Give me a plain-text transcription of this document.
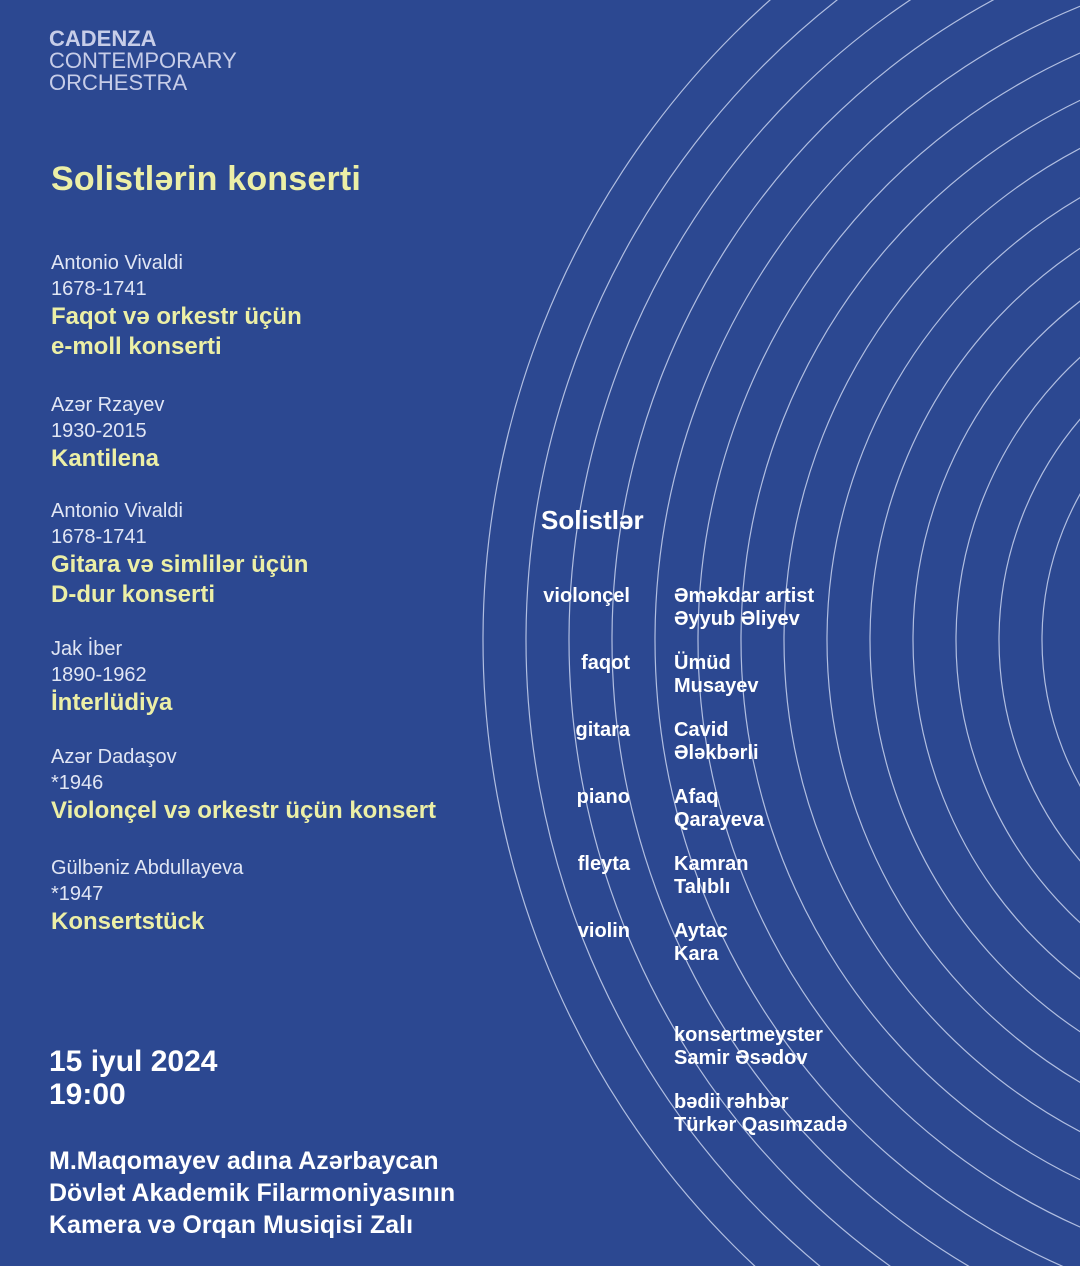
CADENZA
CONTEMPORARY
ORCHESTRA
Solistlərin konserti
Antonio Vivaldi
1678-1741
Faqot və orkestr üçün
e-moll konserti
Azər Rzayev
1930-2015
Kantilena
Antonio Vivaldi
1678-1741
Gitara və simlilər üçün
D-dur konserti
Jak İber
1890-1962
İnterlüdiya
Azər Dadaşov
*1946
Violonçel və orkestr üçün konsert
Gülbəniz Abdullayeva
*1947
Konsertstück
Solistlər
violonçel Əməkdar artist
Əyyub Əliyev
faqot Ümüd
Musayev
gitara Cavid
Ələkbərli
piano Afaq
Qarayeva
fleyta Kamran
Talıblı
violin Aytac
Kara
konsertmeyster
Samir Əsədov
bədii rəhbər
Türkər Qasımzadə
15 iyul 2024
19:00
M.Maqomayev adına Azərbaycan
Dövlət Akademik Filarmoniyasının
Kamera və Orqan Musiqisi Zalı
